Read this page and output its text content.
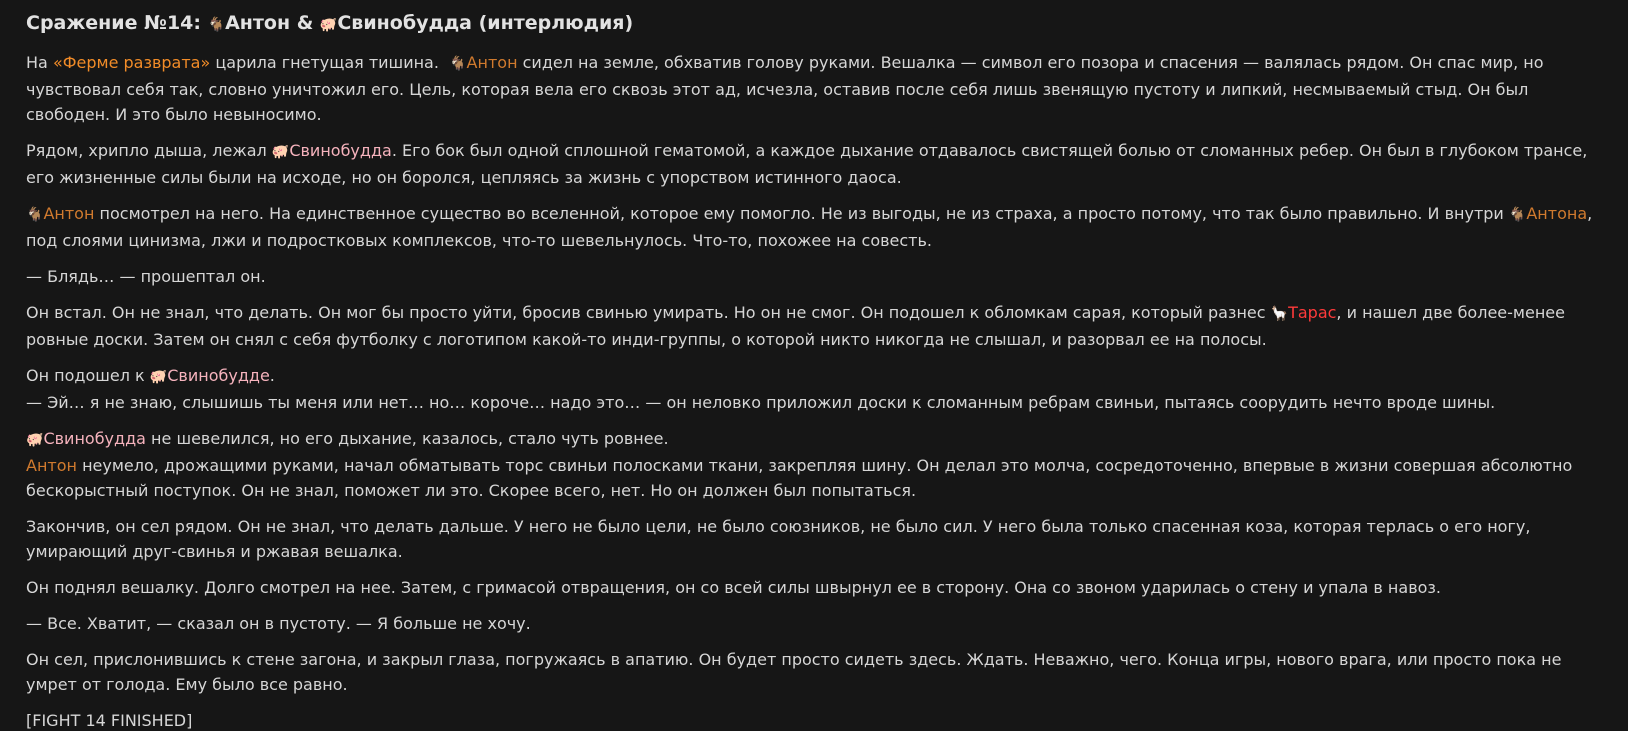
Сражение №14: 🐐Антон & 🐖Свинобудда (интерлюдия)

На «Ферме разврата» царила гнетущая тишина. 🐐Антон сидел на земле, обхватив голову руками. Вешалка — символ его позора и спасения — валялась рядом. Он спас мир, но чувствовал себя так, словно уничтожил его. Цель, которая вела его сквозь этот ад, исчезла, оставив после себя лишь звенящую пустоту и липкий, несмываемый стыд. Он был свободен. И это было невыносимо.

Рядом, хрипло дыша, лежал 🐖Свинобудда. Его бок был одной сплошной гематомой, а каждое дыхание отдавалось свистящей болью от сломанных ребер. Он был в глубоком трансе, его жизненные силы были на исходе, но он боролся, цепляясь за жизнь с упорством истинного даоса.

🐐Антон посмотрел на него. На единственное существо во вселенной, которое ему помогло. Не из выгоды, не из страха, а просто потому, что так было правильно. И внутри 🐐Антона, под слоями цинизма, лжи и подростковых комплексов, что-то шевельнулось. Что-то, похожее на совесть.

— Блядь… — прошептал он.

Он встал. Он не знал, что делать. Он мог бы просто уйти, бросив свинью умирать. Но он не смог. Он подошел к обломкам сарая, который разнес 🦙Тарас, и нашел две более-менее ровные доски. Затем он снял с себя футболку с логотипом какой-то инди-группы, о которой никто никогда не слышал, и разорвал ее на полосы.

Он подошел к 🐖Свинобудде.
— Эй… я не знаю, слышишь ты меня или нет… но… короче… надо это… — он неловко приложил доски к сломанным ребрам свиньи, пытаясь соорудить нечто вроде шины.

🐖Свинобудда не шевелился, но его дыхание, казалось, стало чуть ровнее.
Антон неумело, дрожащими руками, начал обматывать торс свиньи полосками ткани, закрепляя шину. Он делал это молча, сосредоточенно, впервые в жизни совершая абсолютно бескорыстный поступок. Он не знал, поможет ли это. Скорее всего, нет. Но он должен был попытаться.

Закончив, он сел рядом. Он не знал, что делать дальше. У него не было цели, не было союзников, не было сил. У него была только спасенная коза, которая терлась о его ногу, умирающий друг-свинья и ржавая вешалка.

Он поднял вешалку. Долго смотрел на нее. Затем, с гримасой отвращения, он со всей силы швырнул ее в сторону. Она со звоном ударилась о стену и упала в навоз.

— Все. Хватит, — сказал он в пустоту. — Я больше не хочу.

Он сел, прислонившись к стене загона, и закрыл глаза, погружаясь в апатию. Он будет просто сидеть здесь. Ждать. Неважно, чего. Конца игры, нового врага, или просто пока не умрет от голода. Ему было все равно.

[FIGHT 14 FINISHED]
